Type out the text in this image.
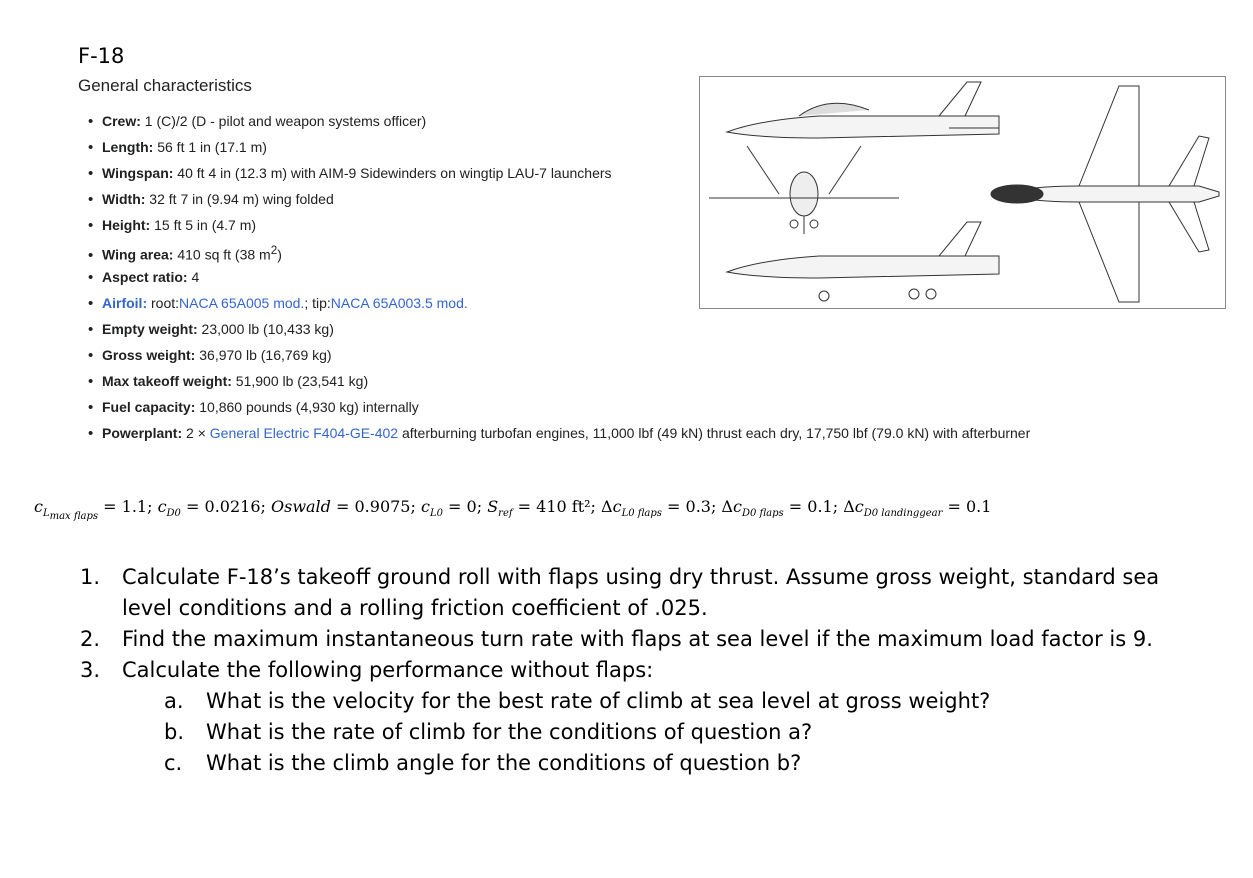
F-18
General characteristics
• Crew: 1 (C)/2 (D - pilot and weapon systems officer)
• Length: 56 ft 1 in (17.1 m)
• Wingspan: 40 ft 4 in (12.3 m) with AIM-9 Sidewinders on wingtip LAU-7 launchers
• Width: 32 ft 7 in (9.94 m) wing folded
• Height: 15 ft 5 in (4.7 m)
• Wing area: 410 sq ft (38 $m^2$)
• Aspect ratio: 4
• Airfoil: root:NACA 65A005 mod.; tip:NACA 65A003.5 mod.
• Empty weight: 23,000 lb (10,433 kg)
• Gross weight: 36,970 lb (16,769 kg)
• Max takeoff weight: 51,900 lb (23,541 kg)
• Fuel capacity: 10,860 pounds (4,930 kg) internally
• Powerplant: 2 × General Electric F404-GE-402 afterburning turbofan engines, 11,000 lbf (49 kN) thrust each dry, 17,750 lbf (79.0 kN) with afterburner
$c_{L_{max flaps}} = 1.1$; $c_{D0} = 0.0216$; Oswald = 0.9075; $c_{L0} = 0$; $S_{ref} = 410$ ft²; $\Delta c_{L0 flaps} = 0.3$; $\Delta c_{D0 flaps} = 0.1$; $\Delta c_{D0 landinggear} = 0.1$
1. Calculate F-18’s takeoff ground roll with flaps using dry thrust. Assume gross weight, standard sea level conditions and a rolling friction coefficient of .025.
2. Find the maximum instantaneous turn rate with flaps at sea level if the maximum load factor is 9.
3. Calculate the following performance without flaps:
a. What is the velocity for the best rate of climb at sea level at gross weight?
b. What is the rate of climb for the conditions of question a?
c. What is the climb angle for the conditions of question b?
